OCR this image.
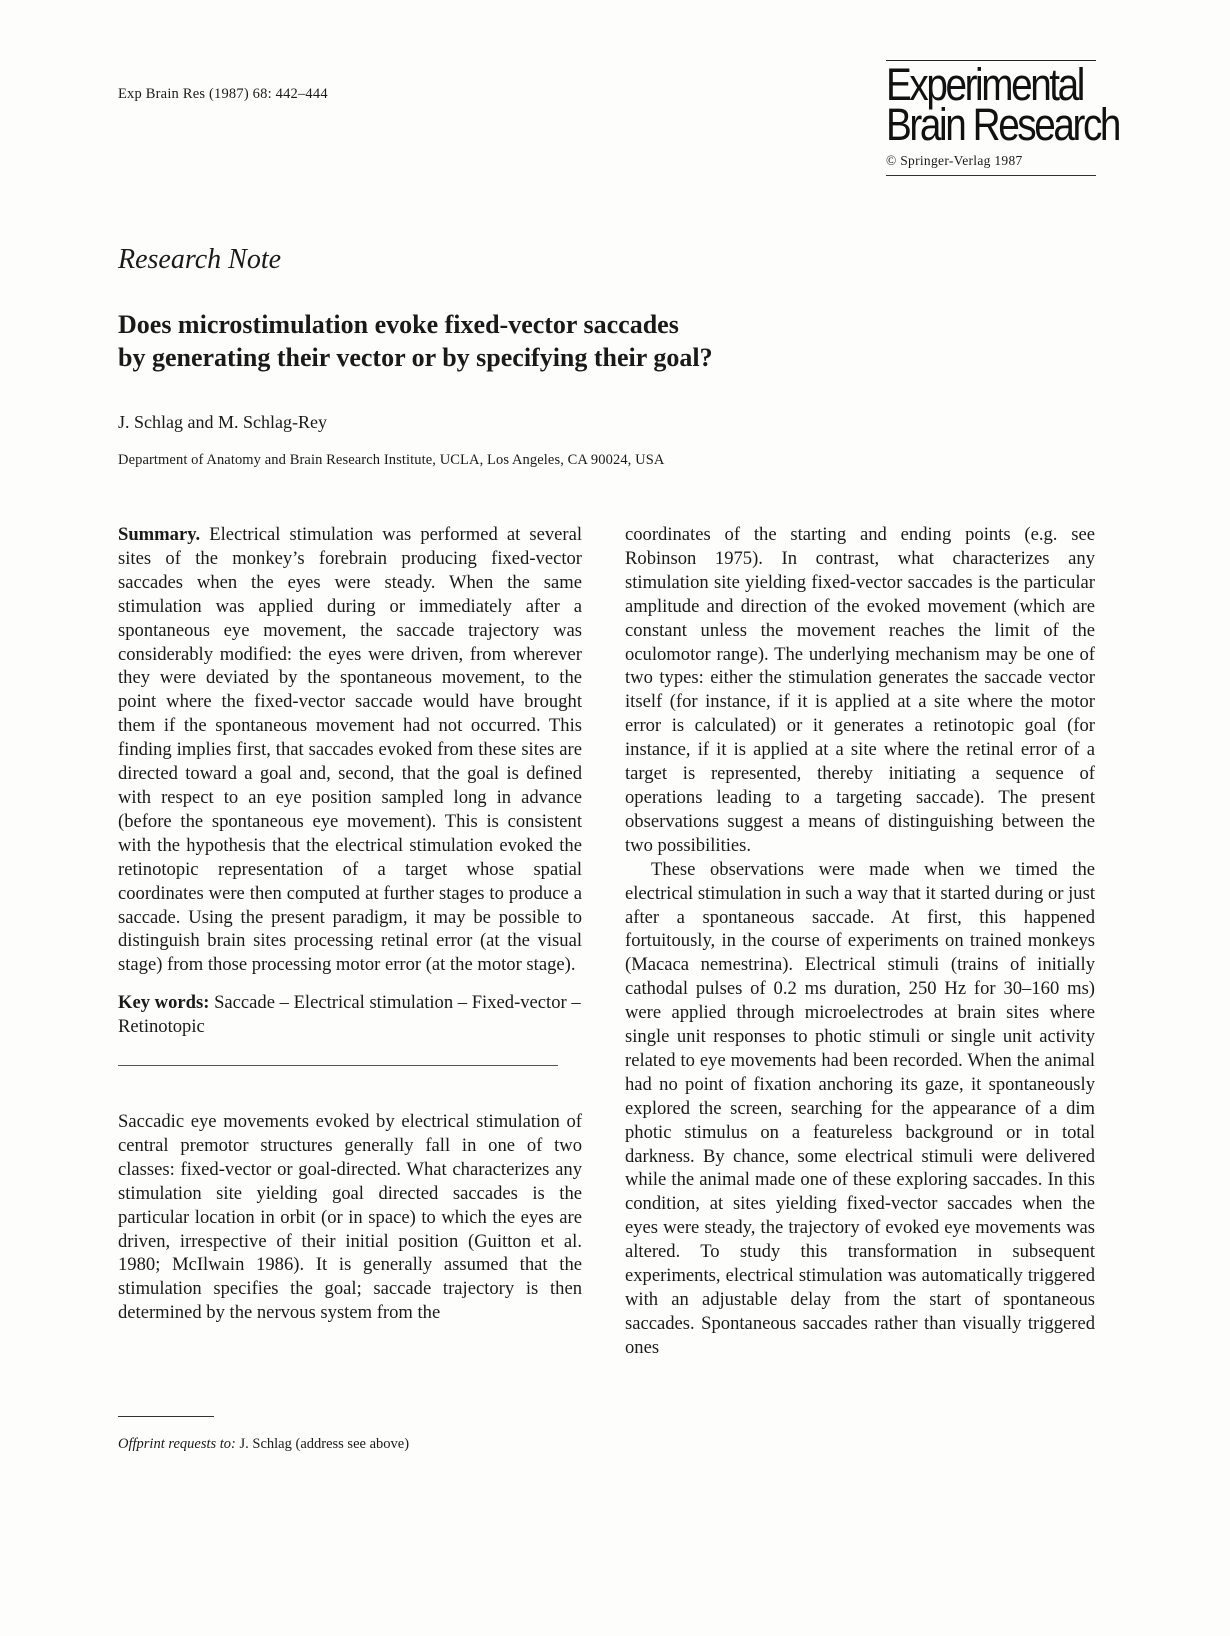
Exp Brain Res (1987) 68: 442–444	Experimental
Brain Research
© Springer-Verlag 1987
Research Note
Does microstimulation evoke fixed-vector saccades
by generating their vector or by specifying their goal?
J. Schlag and M. Schlag-Rey
Department of Anatomy and Brain Research Institute, UCLA, Los Angeles, CA 90024, USA

Summary. Electrical stimulation was performed at several sites of the monkey’s forebrain producing fixed-vector saccades when the eyes were steady. When the same stimulation was applied during or immediately after a spontaneous eye movement, the saccade trajectory was considerably modified: the eyes were driven, from wherever they were deviated by the spontaneous movement, to the point where the fixed-vector saccade would have brought them if the spontaneous movement had not occurred. This finding implies first, that saccades evoked from these sites are directed toward a goal and, second, that the goal is defined with respect to an eye position sampled long in advance (before the spontaneous eye movement). This is consistent with the hypothesis that the electrical stimulation evoked the retinotopic representation of a target whose spatial coordinates were then computed at further stages to produce a saccade. Using the present paradigm, it may be possible to distinguish brain sites processing retinal error (at the visual stage) from those processing motor error (at the motor stage).

Key words: Saccade – Electrical stimulation – Fixed-vector – Retinotopic

Saccadic eye movements evoked by electrical stimulation of central premotor structures generally fall in one of two classes: fixed-vector or goal-directed. What characterizes any stimulation site yielding goal directed saccades is the particular location in orbit (or in space) to which the eyes are driven, irrespective of their initial position (Guitton et al. 1980; McIlwain 1986). It is generally assumed that the stimulation specifies the goal; saccade trajectory is then determined by the nervous system from the

coordinates of the starting and ending points (e.g. see Robinson 1975). In contrast, what characterizes any stimulation site yielding fixed-vector saccades is the particular amplitude and direction of the evoked movement (which are constant unless the movement reaches the limit of the oculomotor range). The underlying mechanism may be one of two types: either the stimulation generates the saccade vector itself (for instance, if it is applied at a site where the motor error is calculated) or it generates a retinotopic goal (for instance, if it is applied at a site where the retinal error of a target is represented, thereby initiating a sequence of operations leading to a targeting saccade). The present observations suggest a means of distinguishing between the two possibilities.

These observations were made when we timed the electrical stimulation in such a way that it started during or just after a spontaneous saccade. At first, this happened fortuitously, in the course of experiments on trained monkeys (Macaca nemestrina). Electrical stimuli (trains of initially cathodal pulses of 0.2 ms duration, 250 Hz for 30–160 ms) were applied through microelectrodes at brain sites where single unit responses to photic stimuli or single unit activity related to eye movements had been recorded. When the animal had no point of fixation anchoring its gaze, it spontaneously explored the screen, searching for the appearance of a dim photic stimulus on a featureless background or in total darkness. By chance, some electrical stimuli were delivered while the animal made one of these exploring saccades. In this condition, at sites yielding fixed-vector saccades when the eyes were steady, the trajectory of evoked eye movements was altered. To study this transformation in subsequent experiments, electrical stimulation was automatically triggered with an adjustable delay from the start of spontaneous saccades. Spontaneous saccades rather than visually triggered ones

Offprint requests to: J. Schlag (address see above)
